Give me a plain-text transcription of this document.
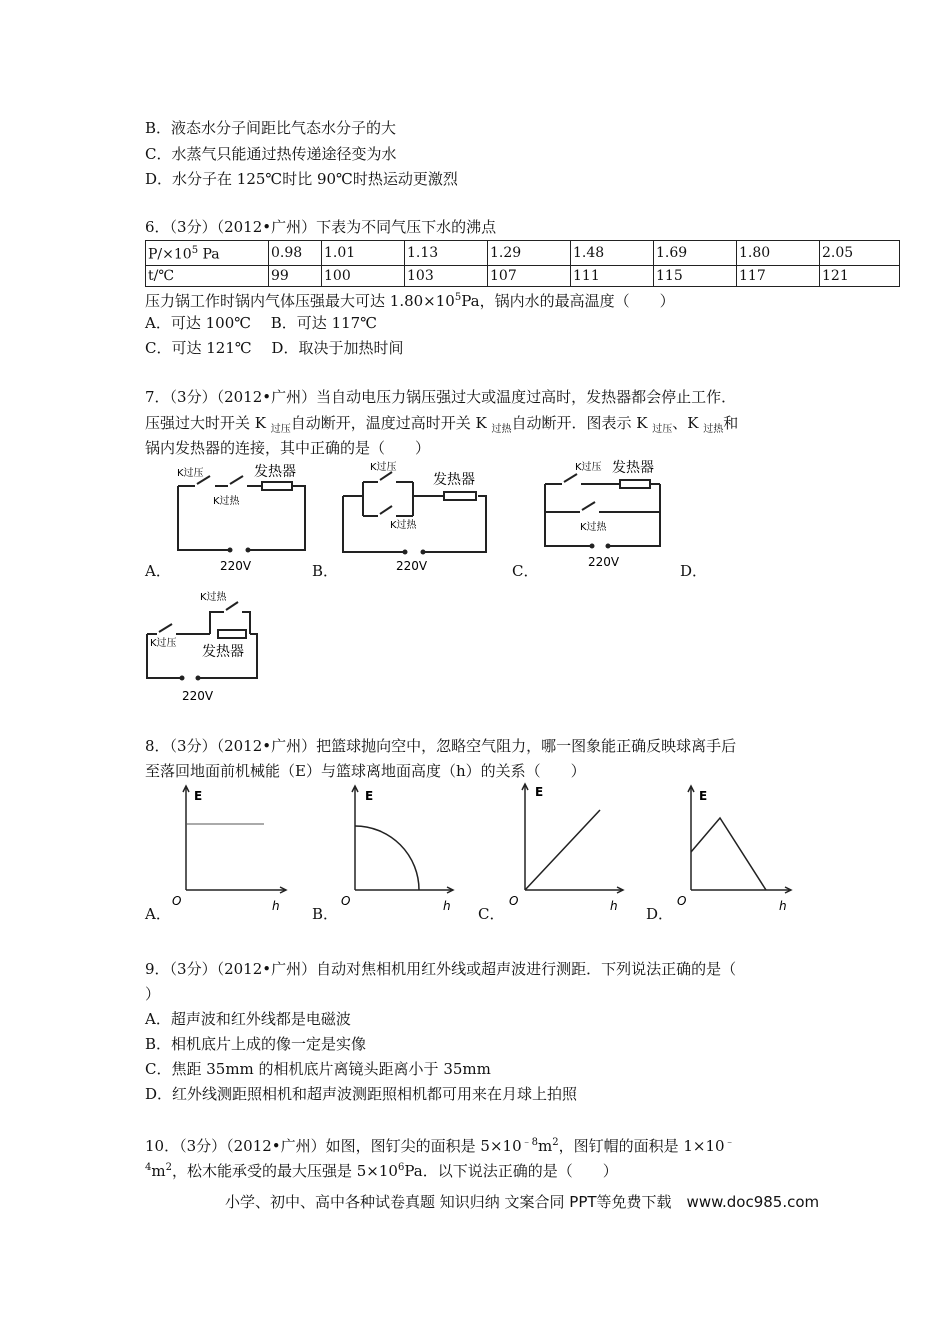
B．液态水分子间距比气态水分子的大
C．水蒸气只能通过热传递途径变为水
D．水分子在 125℃时比 90℃时热运动更激烈
6．（3分）（2012•广州）下表为不同气压下水的沸点
$P/\times 10^5$ Pa	0.98	1.01	1.13	1.29	1.48	1.69	1.80	2.05
t/℃	99	100	103	107	111	115	117	121
压力锅工作时锅内气体压强最大可达 $1.80\times 10^5Pa$，锅内水的最高温度（　　）
A．可达 100℃　 B．可达 117℃
C．可达 121℃　 D．取决于加热时间
7．（3分）（2012•广州）当自动电压力锅压强过大或温度过高时，发热器都会停止工作．
压强过大时开关 K $_{过压}$自动断开，温度过高时开关 K $_{过热}$自动断开．图表示 K $_{过压}$、K $_{过热}$和
锅内发热器的连接，其中正确的是（　　）
K过压	发热器
K过热
220V
A．
K过压
发热器
K过热
220V
B．
K过压 发热器
K过热
220V
C．	D．
K过热
K过压
发热器
220V
8．（3分）（2012•广州）把篮球抛向空中，忽略空气阻力，哪一图象能正确反映球离手后
至落回地面前机械能（E）与篮球离地面高度（h）的关系（　　）
E
O	h
A．
E
O	h
B．
E
O	h
C．
E
O	h
D．
9．（3分）（2012•广州）自动对焦相机用红外线或超声波进行测距．下列说法正确的是（
）
A．超声波和红外线都是电磁波
B．相机底片上成的像一定是实像
C．焦距 35mm 的相机底片离镜头距离小于 35mm
D．红外线测距照相机和超声波测距照相机都可用来在月球上拍照
10．（3分）（2012•广州）如图，图钉尖的面积是 $5\times 10^{﹣8}m^2$，图钉帽的面积是 1×10﹣
$^4m^2$，松木能承受的最大压强是 $5\times 10^6Pa$．以下说法正确的是（　　）
小学、初中、高中各种试卷真题 知识归纳 文案合同 PPT等免费下载　www.doc985.com
